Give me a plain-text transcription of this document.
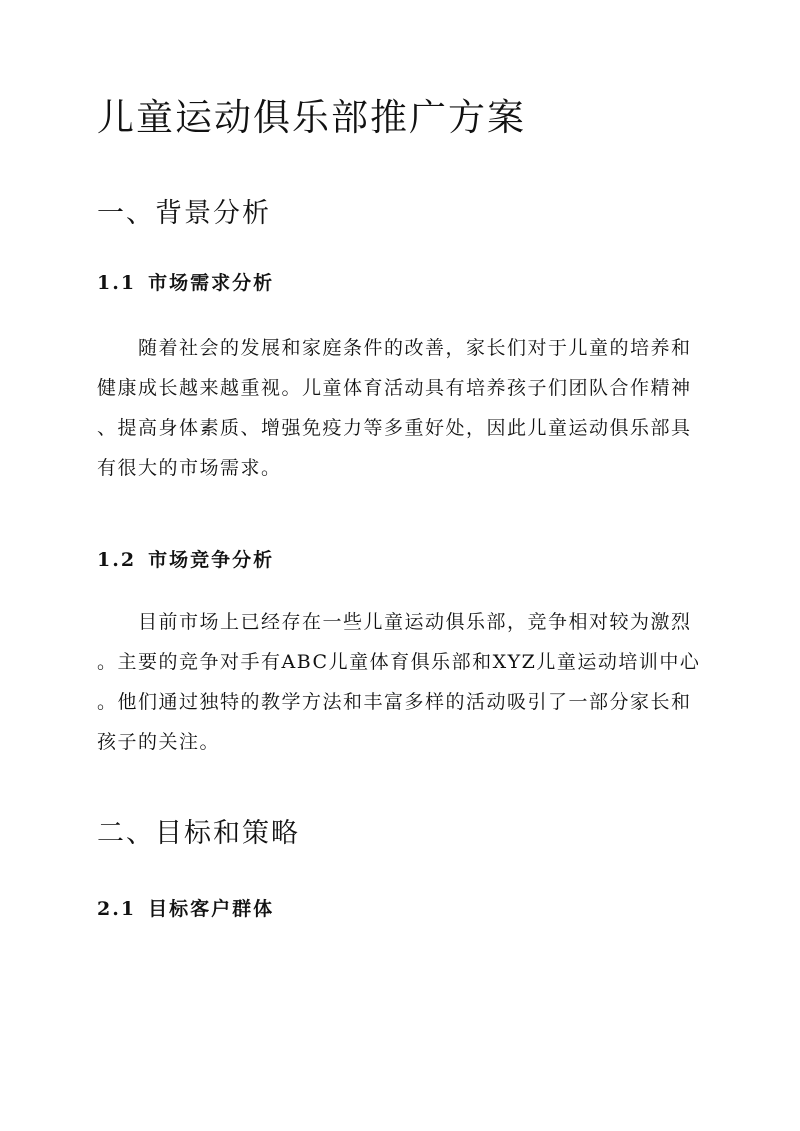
儿童运动俱乐部推广方案
一、背景分析
1.1 市场需求分析
随着社会的发展和家庭条件的改善，家长们对于儿童的培养和
健康成长越来越重视。儿童体育活动具有培养孩子们团队合作精神
、提高身体素质、增强免疫力等多重好处，因此儿童运动俱乐部具
有很大的市场需求。
1.2 市场竞争分析
目前市场上已经存在一些儿童运动俱乐部，竞争相对较为激烈
。主要的竞争对手有ABC儿童体育俱乐部和XYZ儿童运动培训中心
。他们通过独特的教学方法和丰富多样的活动吸引了一部分家长和
孩子的关注。
二、目标和策略
2.1 目标客户群体
